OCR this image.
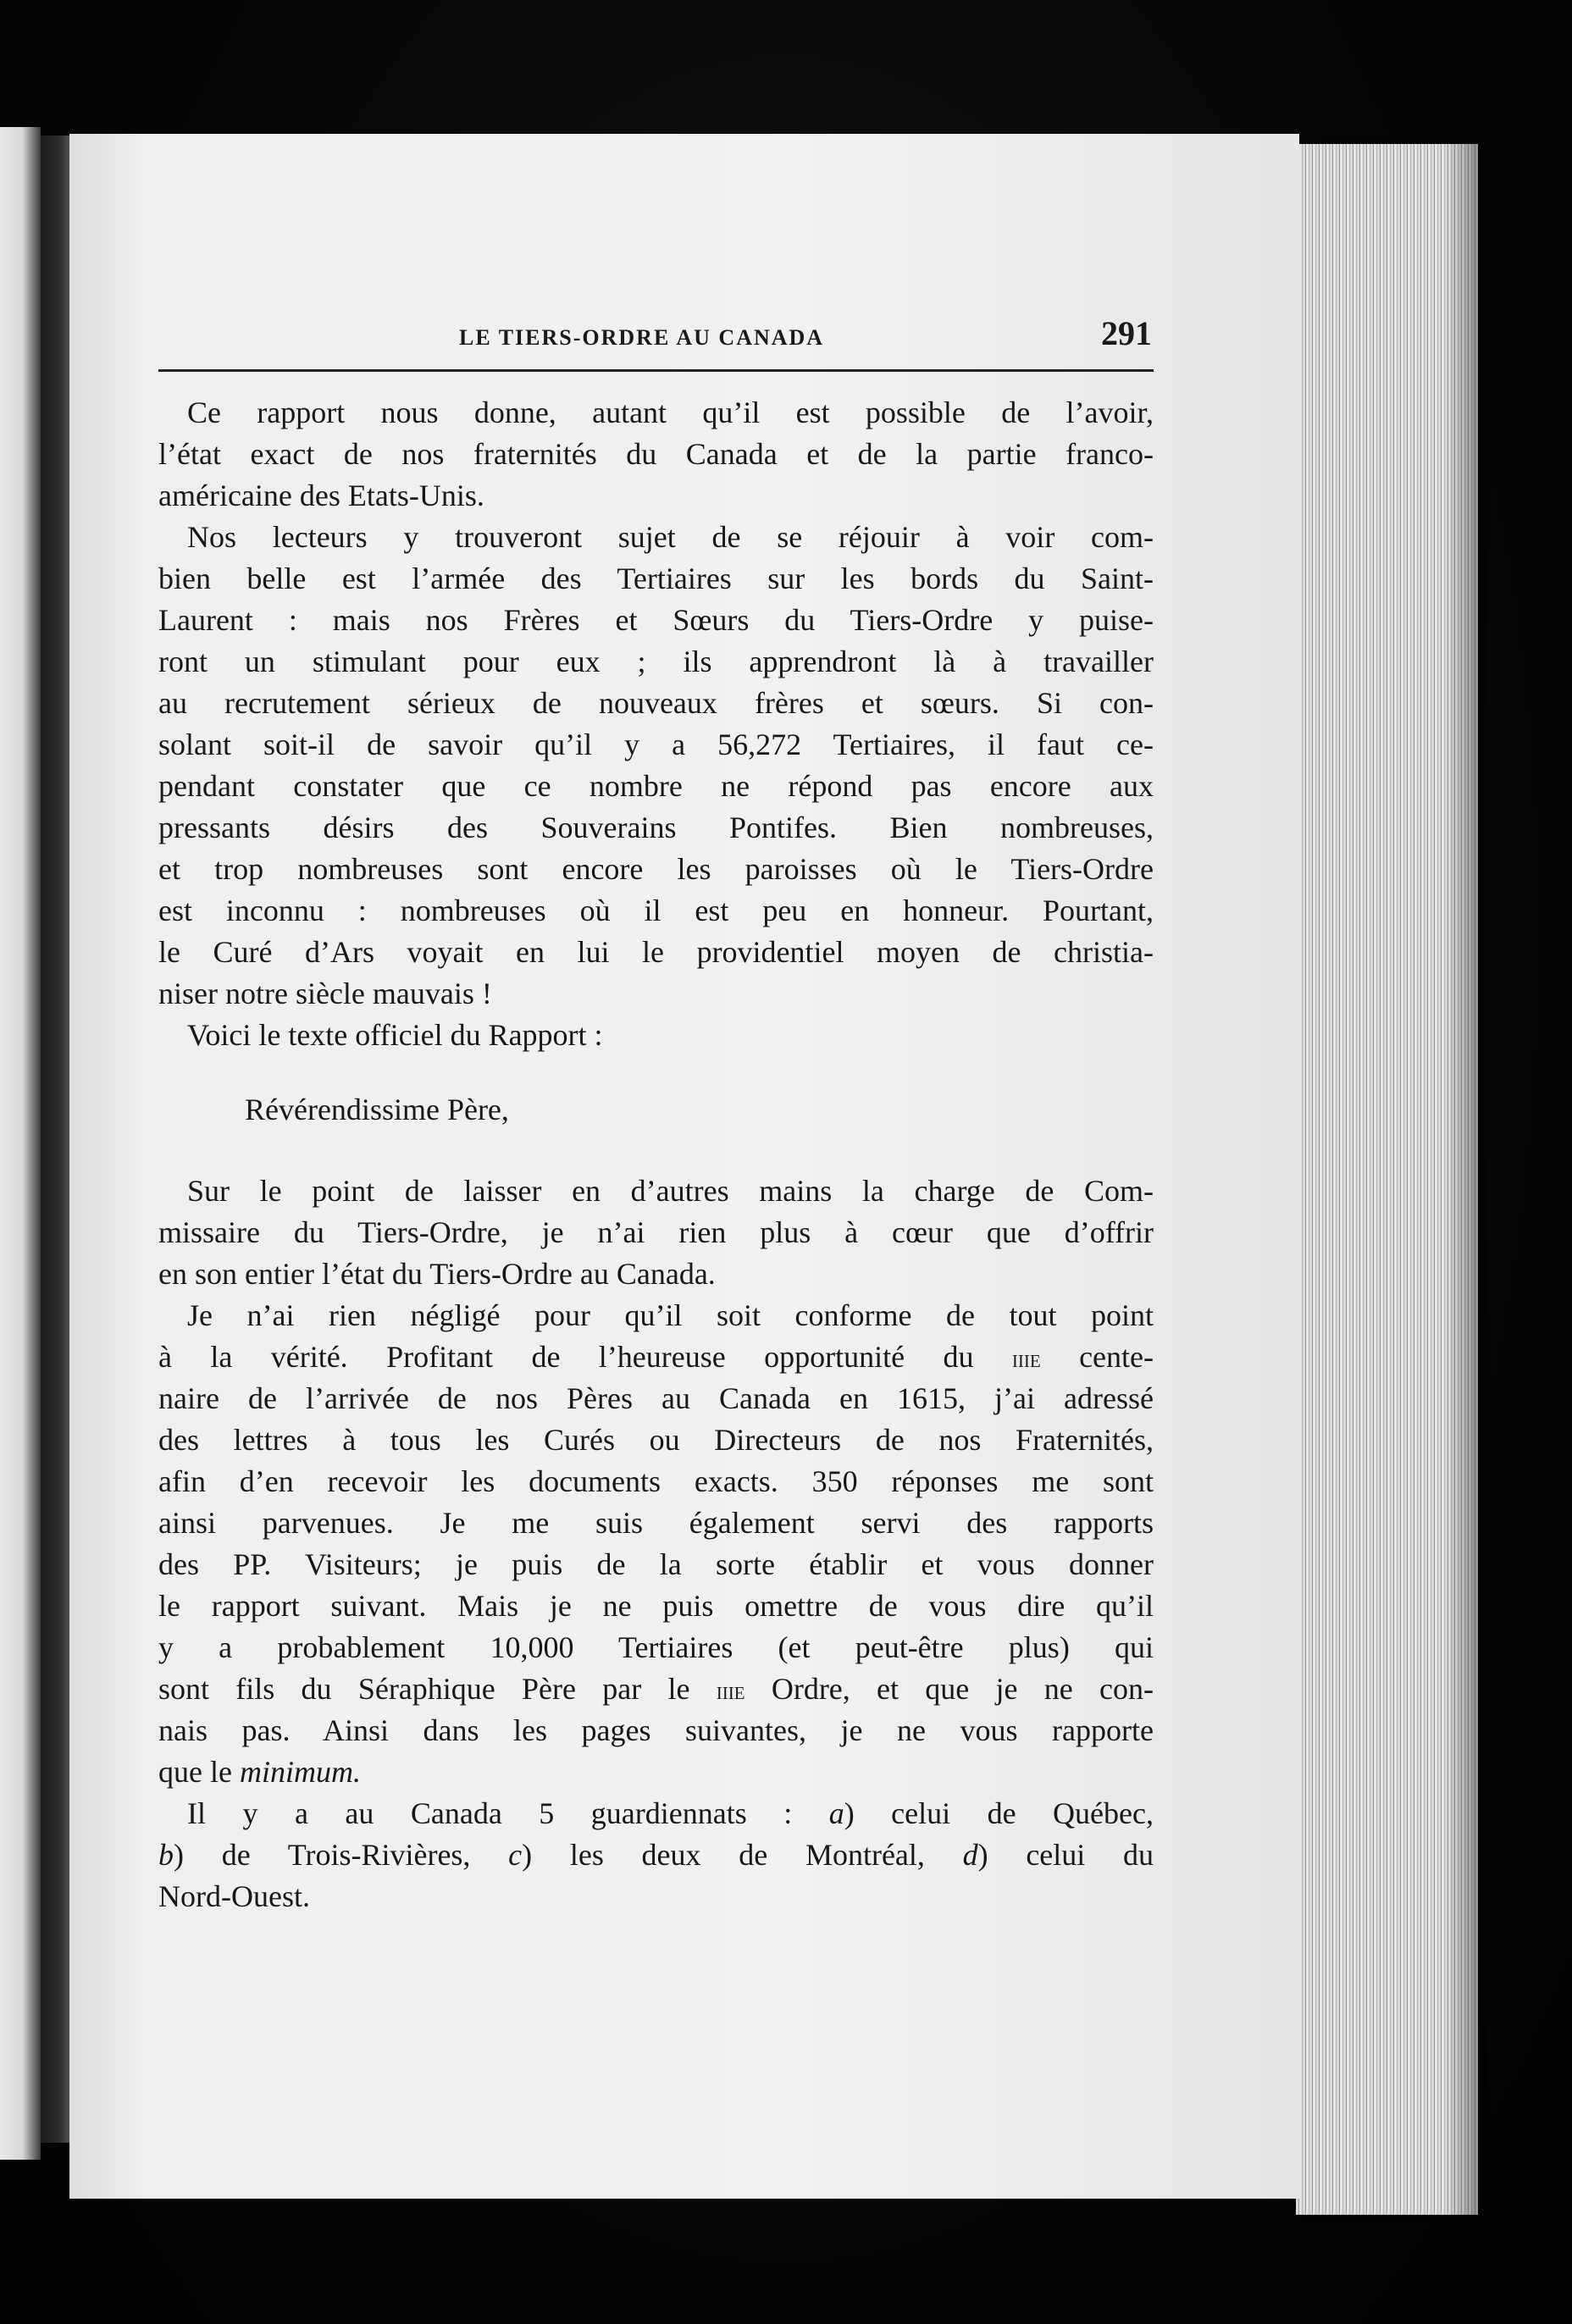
LE TIERS-ORDRE AU CANADA	291
Ce rapport nous donne, autant qu’il est possible de l’avoir,
l’état exact de nos fraternités du Canada et de la partie franco-
américaine des Etats-Unis.
Nos lecteurs y trouveront sujet de se réjouir à voir com-
bien belle est l’armée des Tertiaires sur les bords du Saint-
Laurent : mais nos Frères et Sœurs du Tiers-Ordre y puise-
ront un stimulant pour eux ; ils apprendront là à travailler
au recrutement sérieux de nouveaux frères et sœurs. Si con-
solant soit-il de savoir qu’il y a 56,272 Tertiaires, il faut ce-
pendant constater que ce nombre ne répond pas encore aux
pressants désirs des Souverains Pontifes. Bien nombreuses,
et trop nombreuses sont encore les paroisses où le Tiers-Ordre
est inconnu : nombreuses où il est peu en honneur. Pourtant,
le Curé d’Ars voyait en lui le providentiel moyen de christia-
niser notre siècle mauvais !
Voici le texte officiel du Rapport :
Révérendissime Père,
Sur le point de laisser en d’autres mains la charge de Com-
missaire du Tiers-Ordre, je n’ai rien plus à cœur que d’offrir
en son entier l’état du Tiers-Ordre au Canada.
Je n’ai rien négligé pour qu’il soit conforme de tout point
à la vérité. Profitant de l’heureuse opportunité du iiie cente-
naire de l’arrivée de nos Pères au Canada en 1615, j’ai adressé
des lettres à tous les Curés ou Directeurs de nos Fraternités,
afin d’en recevoir les documents exacts. 350 réponses me sont
ainsi parvenues. Je me suis également servi des rapports
des PP. Visiteurs; je puis de la sorte établir et vous donner
le rapport suivant. Mais je ne puis omettre de vous dire qu’il
y a probablement 10,000 Tertiaires (et peut-être plus) qui
sont fils du Séraphique Père par le iiie Ordre, et que je ne con-
nais pas. Ainsi dans les pages suivantes, je ne vous rapporte
que le minimum.
Il y a au Canada 5 guardiennats : a) celui de Québec,
b) de Trois-Rivières, c) les deux de Montréal, d) celui du
Nord-Ouest.
